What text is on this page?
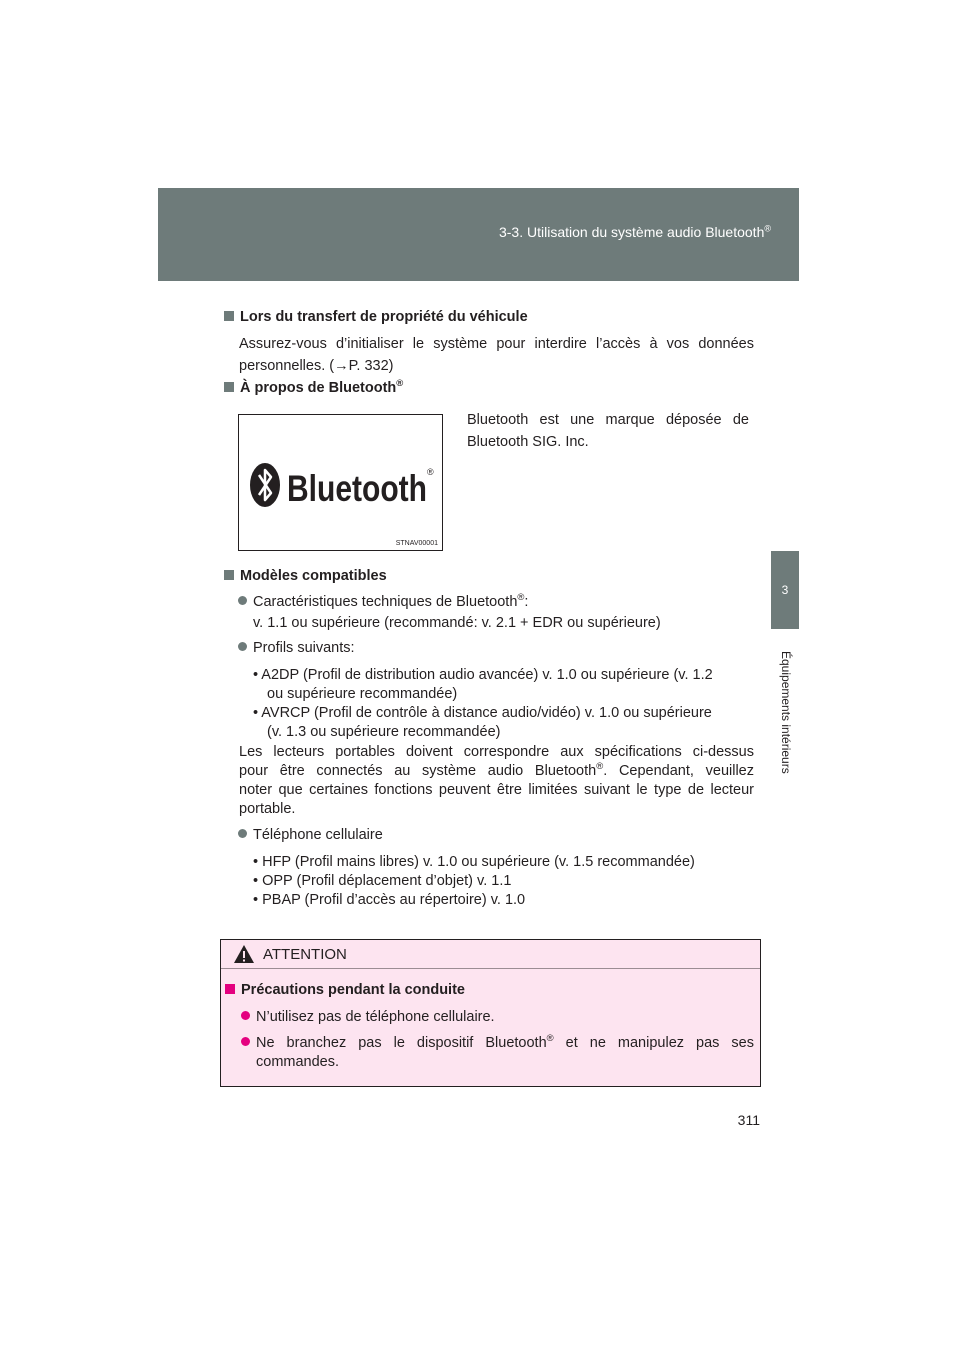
3-3. Utilisation du système audio Bluetooth®
3
Équipements intérieurs
Lors du transfert de propriété du véhicule
Assurez-vous d’initialiser le système pour interdire l’accès à vos données
personnelles. (→P. 332)
À propos de Bluetooth®
Bluetooth ®
STNAV00001
Bluetooth est une marque déposée de
Bluetooth SIG. Inc.
Modèles compatibles
Caractéristiques techniques de Bluetooth®:
v. 1.1 ou supérieure (recommandé: v. 2.1 + EDR ou supérieure)
Profils suivants:
• A2DP (Profil de distribution audio avancée) v. 1.0 ou supérieure (v. 1.2
ou supérieure recommandée)
• AVRCP (Profil de contrôle à distance audio/vidéo) v. 1.0 ou supérieure
(v. 1.3 ou supérieure recommandée)
Les lecteurs portables doivent correspondre aux spécifications ci-dessus
pour être connectés au système audio Bluetooth®. Cependant, veuillez
noter que certaines fonctions peuvent être limitées suivant le type de lecteur
portable.
Téléphone cellulaire
• HFP (Profil mains libres) v. 1.0 ou supérieure (v. 1.5 recommandée)
• OPP (Profil déplacement d’objet) v. 1.1
• PBAP (Profil d’accès au répertoire) v. 1.0
ATTENTION
Précautions pendant la conduite
N’utilisez pas de téléphone cellulaire.
Ne branchez pas le dispositif Bluetooth® et ne manipulez pas ses
commandes.
311
